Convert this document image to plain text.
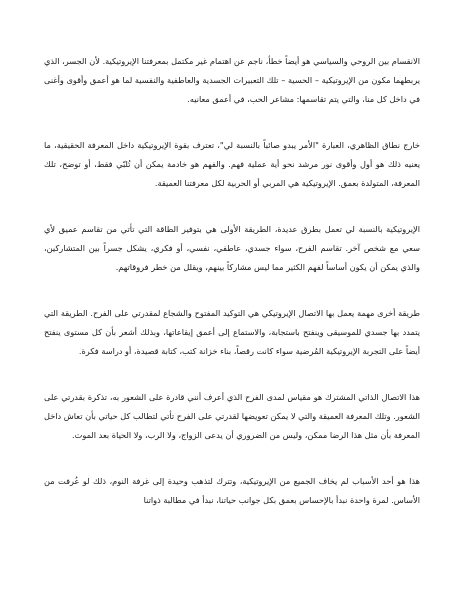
الانقسام بين الروحي والسياسي هو أيضاً خطأ، ناجم عن اهتمام غير مكتمل بمعرفتنا الإيروتيكية. لأن الجسر، الذي يربطهما مكون من الإيروتيكية – الحسية – تلك التعبيرات الجسدية والعاطفية والنفسية لما هو أعمق وأقوى وأغنى في داخل كل منا، والتي يتم تقاسمها: مشاعر الحب، في أعمق معانيه.

خارج نطاق الظاهري، العبارة "الأمر يبدو صائباً بالنسبة لي"، تعترف بقوة الإيروتيكية داخل المعرفة الحقيقية، ما يعنيه ذلك هو أول وأقوى نور مرشد نحو أية عملية فهم. والفهم هو خادمة يمكن أن تُلبّي فقط، أو توضح، تلك المعرفة، المتولدة بعمق. الإيروتيكية هي المربي أو الحربية لكل معرفتنا العميقة.

الإيروتيكية بالنسبة لي تعمل بطرق عديدة، الطريقة الأولى هي بتوفير الطاقة التي تأتي من تقاسم عميق لأي سعي مع شخص آخر. تقاسم الفرح، سواء جسدي، عاطفي، نفسي، أو فكري، يشكل جسراً بين المتشاركين، والذي يمكن أن يكون أساساً لفهم الكثير مما ليس مشاركاً بينهم، ويقلل من خطر فروقاتهم.

طريقة أخرى مهمة يعمل بها الاتصال الإيروتيكي هي التوكيد المفتوح والشجاع لمقدرتي على الفرح. الطريقة التي يتمدد بها جسدي للموسيقى وينفتح باستجابة، والاستماع إلى أعمق إيقاعاتها، وبذلك أشعر بأن كل مستوى ينفتح أيضاً على التجربة الإيروتيكية المُرضية سواء كانت رقصاً، بناء خزانة كتب، كتابة قصيدة، أو دراسة فكرة.

هذا الاتصال الذاتي المشترك هو مقياس لمدى الفرح الذي أعرف أنني قادرة على الشعور به، تذكرة بقدرتي على الشعور. وتلك المعرفة العميقة والتي لا يمكن تعويضها لقدرتي على الفرح تأتي لتطالب كل حياتي بأن تعاش داخل المعرفة بأن مثل هذا الرضا ممكن، وليس من الضروري أن يدعى الزواج، ولا الرب، ولا الحياة بعد الموت.

هذا هو أحد الأسباب لم يخاف الجميع من الإيروتيكية، وتترك لتذهب وحيدة إلى غرفة النوم، ذلك لو عُرفت من الأساس. لمرة واحدة نبدأ بالإحساس بعمق بكل جوانب حياتنا، نبدأ في مطالبة ذواتنا
